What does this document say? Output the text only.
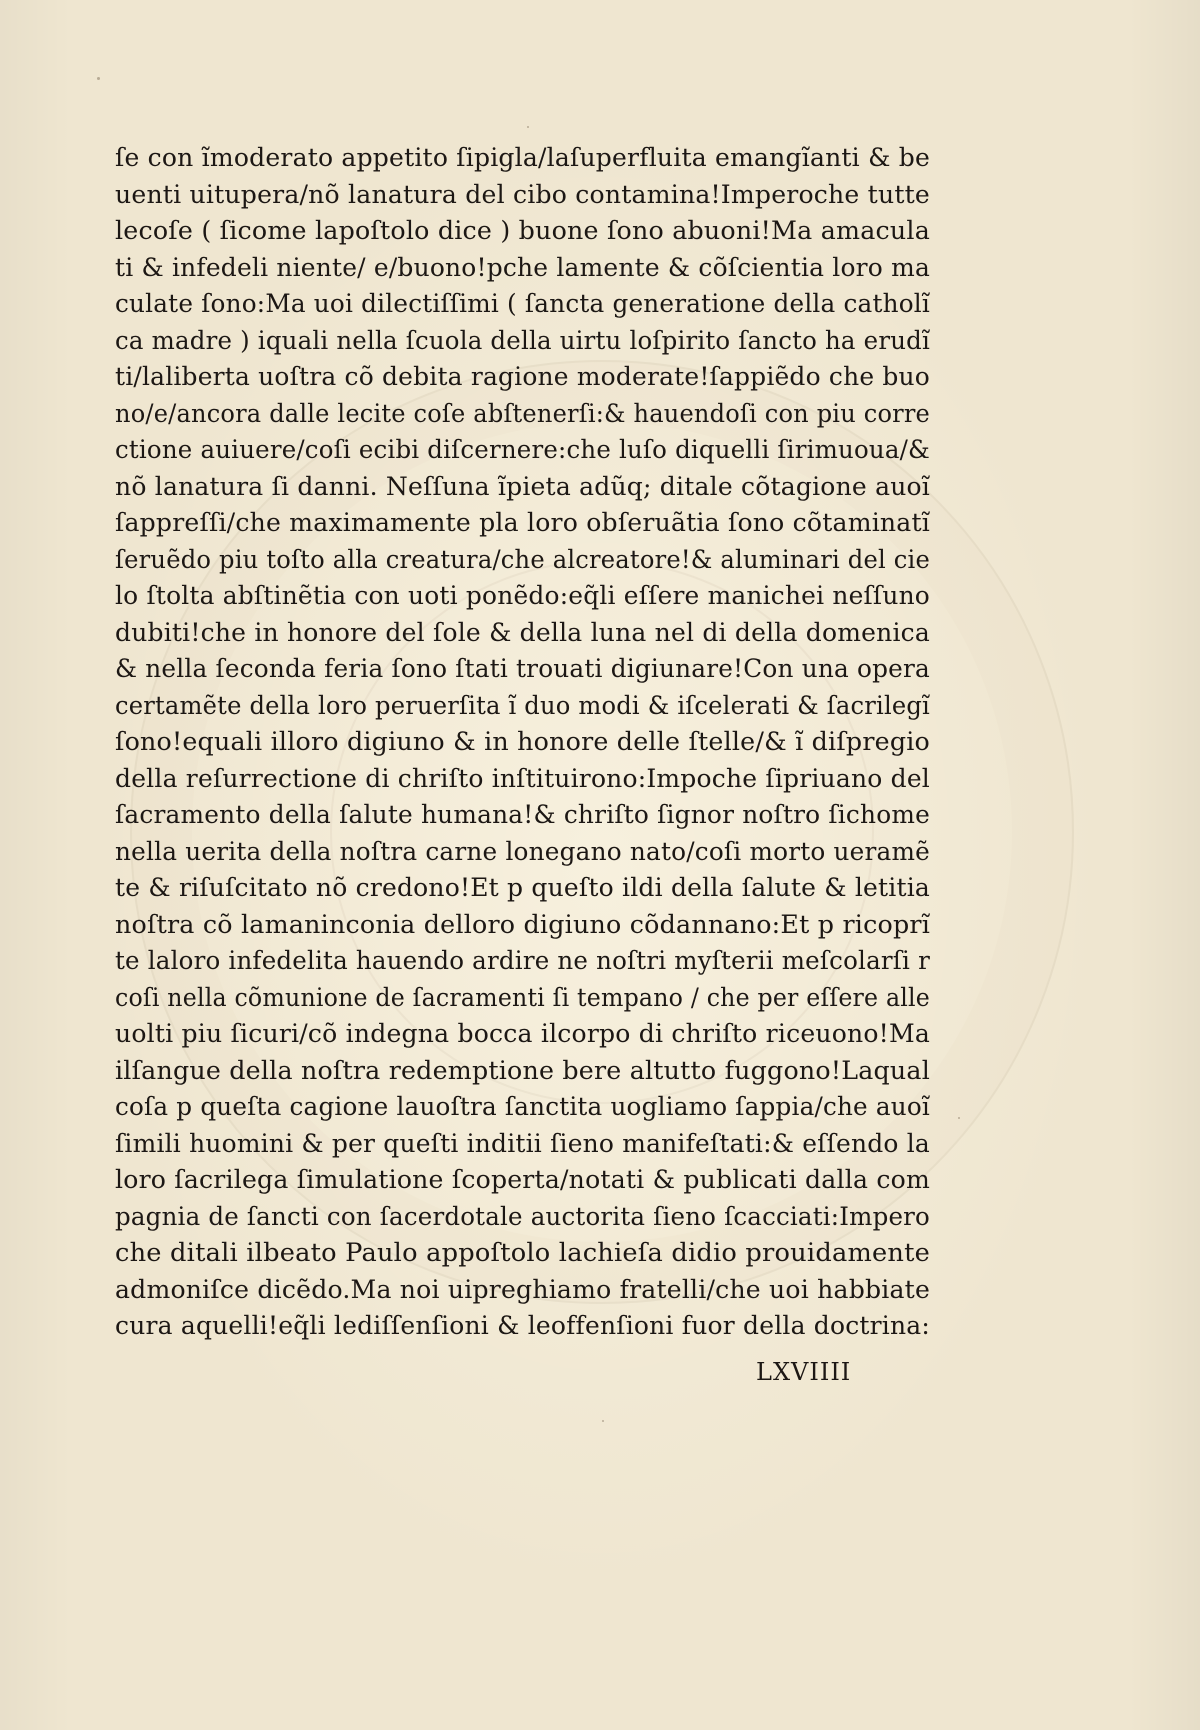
ſe con ĩmoderato appetito ſipigla/laſuperfluita emangĩanti & be
uenti uitupera/nõ lanatura del cibo contamina!Imperoche tutte
lecoſe ( ſicome lapoſtolo dice ) buone ſono abuoni!Ma amacula
ti & infedeli niente/ e/buono!pche lamente & cõſcientia loro ma
culate ſono:Ma uoi dilectiſſimi ( ſancta generatione della catholĩ
ca madre ) iquali nella ſcuola della uirtu loſpirito ſancto ha erudĩ
ti/laliberta uoſtra cõ debita ragione moderate!ſappiẽdo che buo
no/e/ancora dalle lecite coſe abſtenerſi:& hauendoſi con piu corre
ctione auiuere/coſi ecibi diſcernere:che luſo diquelli ſirimuoua/&
nõ lanatura ſi danni. Neſſuna ĩpieta adũq; ditale cõtagione auoĩ
ſappreſſi/che maximamente pla loro obſeruãtia ſono cõtaminatĩ
ſeruẽdo piu toſto alla creatura/che alcreatore!& aluminari del cie
lo ſtolta abſtinẽtia con uoti ponẽdo:eq̃li eſſere manichei neſſuno
dubiti!che in honore del ſole & della luna nel di della domenica
& nella ſeconda feria ſono ſtati trouati digiunare!Con una opera
certamẽte della loro peruerſita ĩ duo modi & iſcelerati & ſacrilegĩ
ſono!equali illoro digiuno & in honore delle ſtelle/& ĩ diſpregio
della reſurrectione di chriſto inſtituirono:Impoche ſipriuano del
ſacramento della ſalute humana!& chriſto ſignor noſtro ſichome
nella uerita della noſtra carne lonegano nato/coſi morto ueramẽ
te & riſuſcitato nõ credono!Et p queſto ildi della ſalute & letitia
noſtra cõ lamaninconia delloro digiuno cõdannano:Et p ricoprĩ
te laloro infedelita hauendo ardire ne noſtri myſterii meſcolarſi r
coſi nella cõmunione de ſacramenti ſi tempano / che per eſſere alle
uolti piu ſicuri/cõ indegna bocca ilcorpo di chriſto riceuono!Ma
ilſangue della noſtra redemptione bere altutto fuggono!Laqual
coſa p queſta cagione lauoſtra ſanctita uogliamo ſappia/che auoĩ
ſimili huomini & per queſti inditii ſieno manifeſtati:& eſſendo la
loro ſacrilega ſimulatione ſcoperta/notati & publicati dalla com
pagnia de ſancti con ſacerdotale auctorita ſieno ſcacciati:Impero
che ditali ilbeato Paulo appoſtolo lachieſa didio prouidamente
admoniſce dicẽdo.Ma noi uipreghiamo fratelli/che uoi habbiate
cura aquelli!eq̃li lediſſenſioni & leoffenſioni fuor della doctrina:
LXVIIII
